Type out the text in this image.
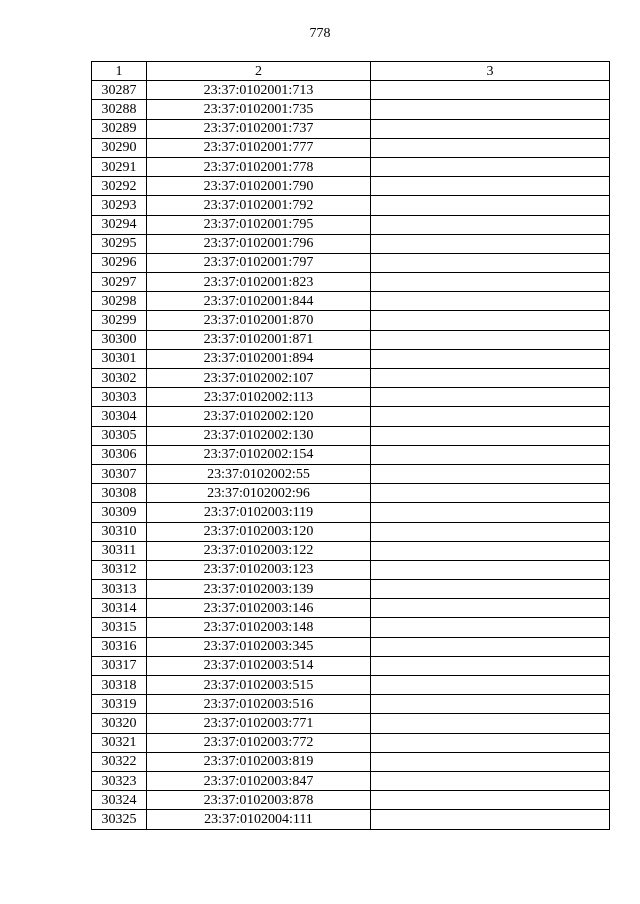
778
1	2	3
30287	23:37:0102001:713	
30288	23:37:0102001:735	
30289	23:37:0102001:737	
30290	23:37:0102001:777	
30291	23:37:0102001:778	
30292	23:37:0102001:790	
30293	23:37:0102001:792	
30294	23:37:0102001:795	
30295	23:37:0102001:796	
30296	23:37:0102001:797	
30297	23:37:0102001:823	
30298	23:37:0102001:844	
30299	23:37:0102001:870	
30300	23:37:0102001:871	
30301	23:37:0102001:894	
30302	23:37:0102002:107	
30303	23:37:0102002:113	
30304	23:37:0102002:120	
30305	23:37:0102002:130	
30306	23:37:0102002:154	
30307	23:37:0102002:55	
30308	23:37:0102002:96	
30309	23:37:0102003:119	
30310	23:37:0102003:120	
30311	23:37:0102003:122	
30312	23:37:0102003:123	
30313	23:37:0102003:139	
30314	23:37:0102003:146	
30315	23:37:0102003:148	
30316	23:37:0102003:345	
30317	23:37:0102003:514	
30318	23:37:0102003:515	
30319	23:37:0102003:516	
30320	23:37:0102003:771	
30321	23:37:0102003:772	
30322	23:37:0102003:819	
30323	23:37:0102003:847	
30324	23:37:0102003:878	
30325	23:37:0102004:111	
